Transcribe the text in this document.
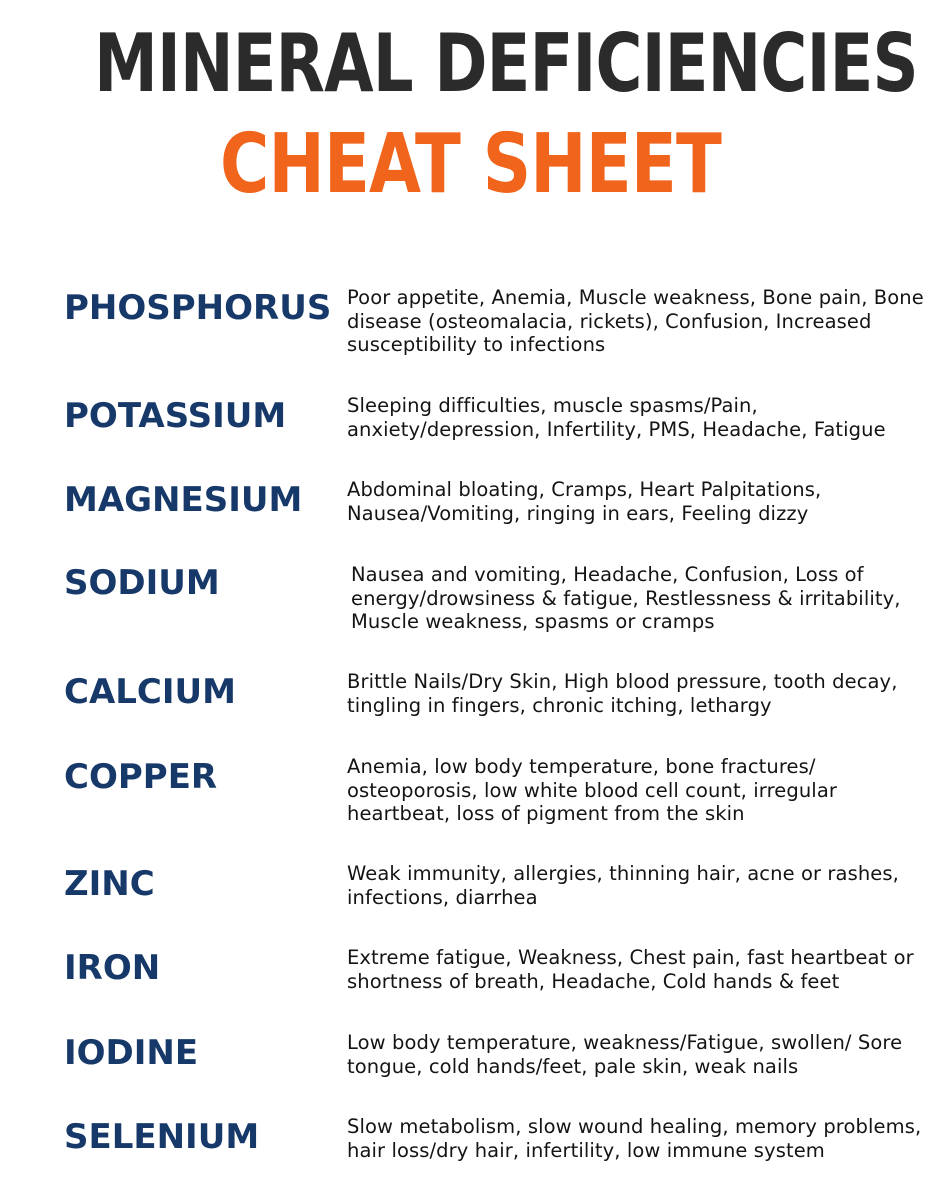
MINERAL DEFICIENCIES
CHEAT SHEET
PHOSPHORUS Poor appetite, Anemia, Muscle weakness, Bone pain, Bone disease (osteomalacia, rickets), Confusion, Increased susceptibility to infections
POTASSIUM	Sleeping difficulties, muscle spasms/Pain, anxiety/depression, Infertility, PMS, Headache, Fatigue
MAGNESIUM Abdominal bloating, Cramps, Heart Palpitations, Nausea/Vomiting, ringing in ears, Feeling dizzy
SODIUM	Nausea and vomiting, Headache, Confusion, Loss of energy/drowsiness & fatigue, Restlessness & irritability, Muscle weakness, spasms or cramps
CALCIUM	Brittle Nails/Dry Skin, High blood pressure, tooth decay, tingling in fingers, chronic itching, lethargy
COPPER	Anemia, low body temperature, bone fractures/ osteoporosis, low white blood cell count, irregular heartbeat, loss of pigment from the skin
ZINC	Weak immunity, allergies, thinning hair, acne or rashes, infections, diarrhea
IRON	Extreme fatigue, Weakness, Chest pain, fast heartbeat or shortness of breath, Headache, Cold hands & feet
IODINE	Low body temperature, weakness/Fatigue, swollen/ Sore tongue, cold hands/feet, pale skin, weak nails
SELENIUM	Slow metabolism, slow wound healing, memory problems, hair loss/dry hair, infertility, low immune system
